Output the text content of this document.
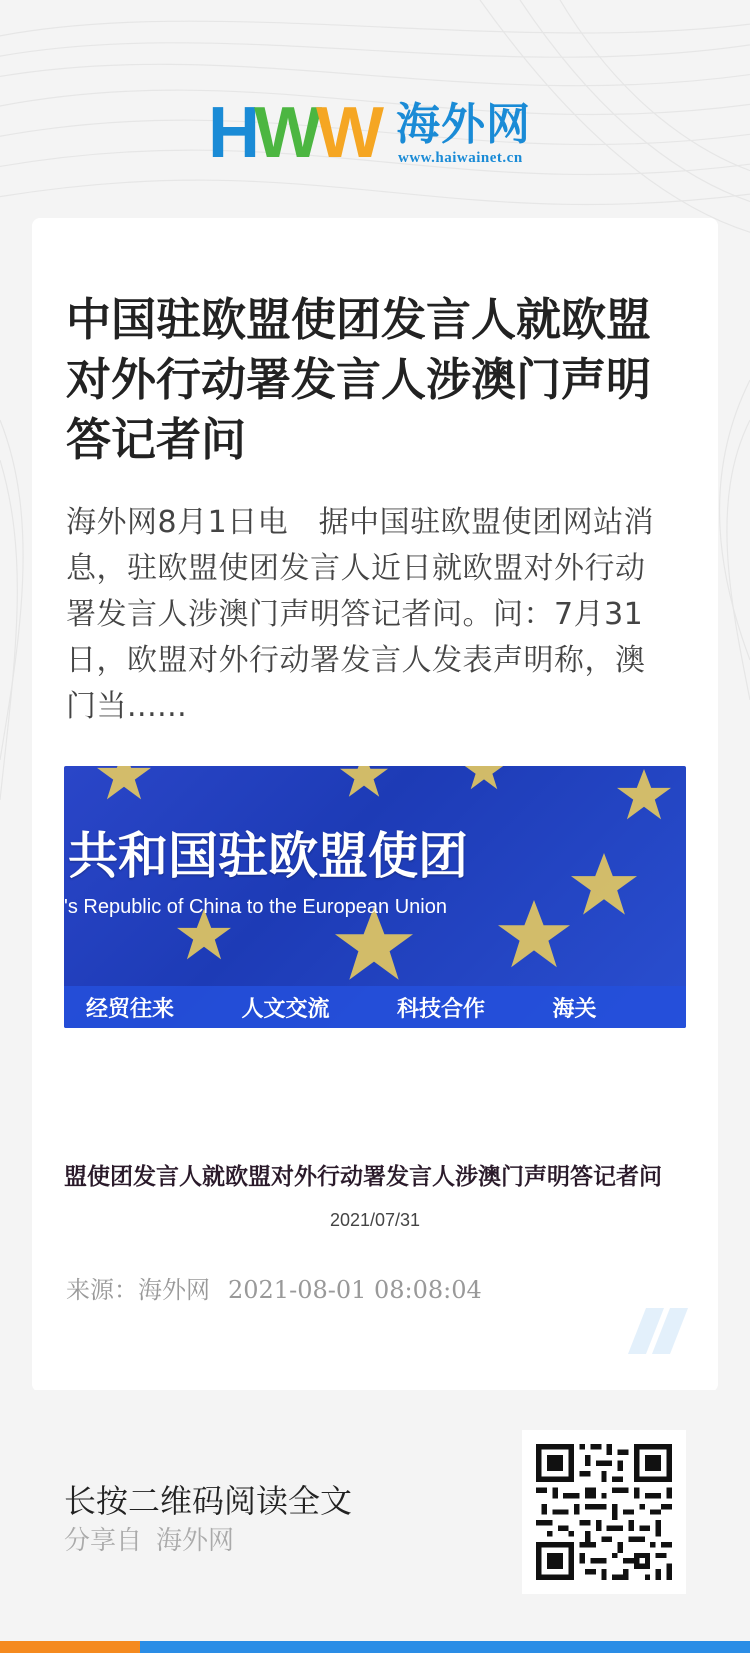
H W W 海外网
www.haiwainet.cn
中国驻欧盟使团发言人就欧盟对外行动署发言人涉澳门声明答记者问

海外网8月1日电　据中国驻欧盟使团网站消息，驻欧盟使团发言人近日就欧盟对外行动署发言人涉澳门声明答记者问。问：7月31日，欧盟对外行动署发言人发表声明称，澳门当......

共和国驻欧盟使团
's Republic of China to the European Union
经贸往来	人文交流	科技合作	海关
盟使团发言人就欧盟对外行动署发言人涉澳门声明答记者问
2021/07/31
来源：海外网 2021-08-01 08:08:04
长按二维码阅读全文
分享自 海外网
